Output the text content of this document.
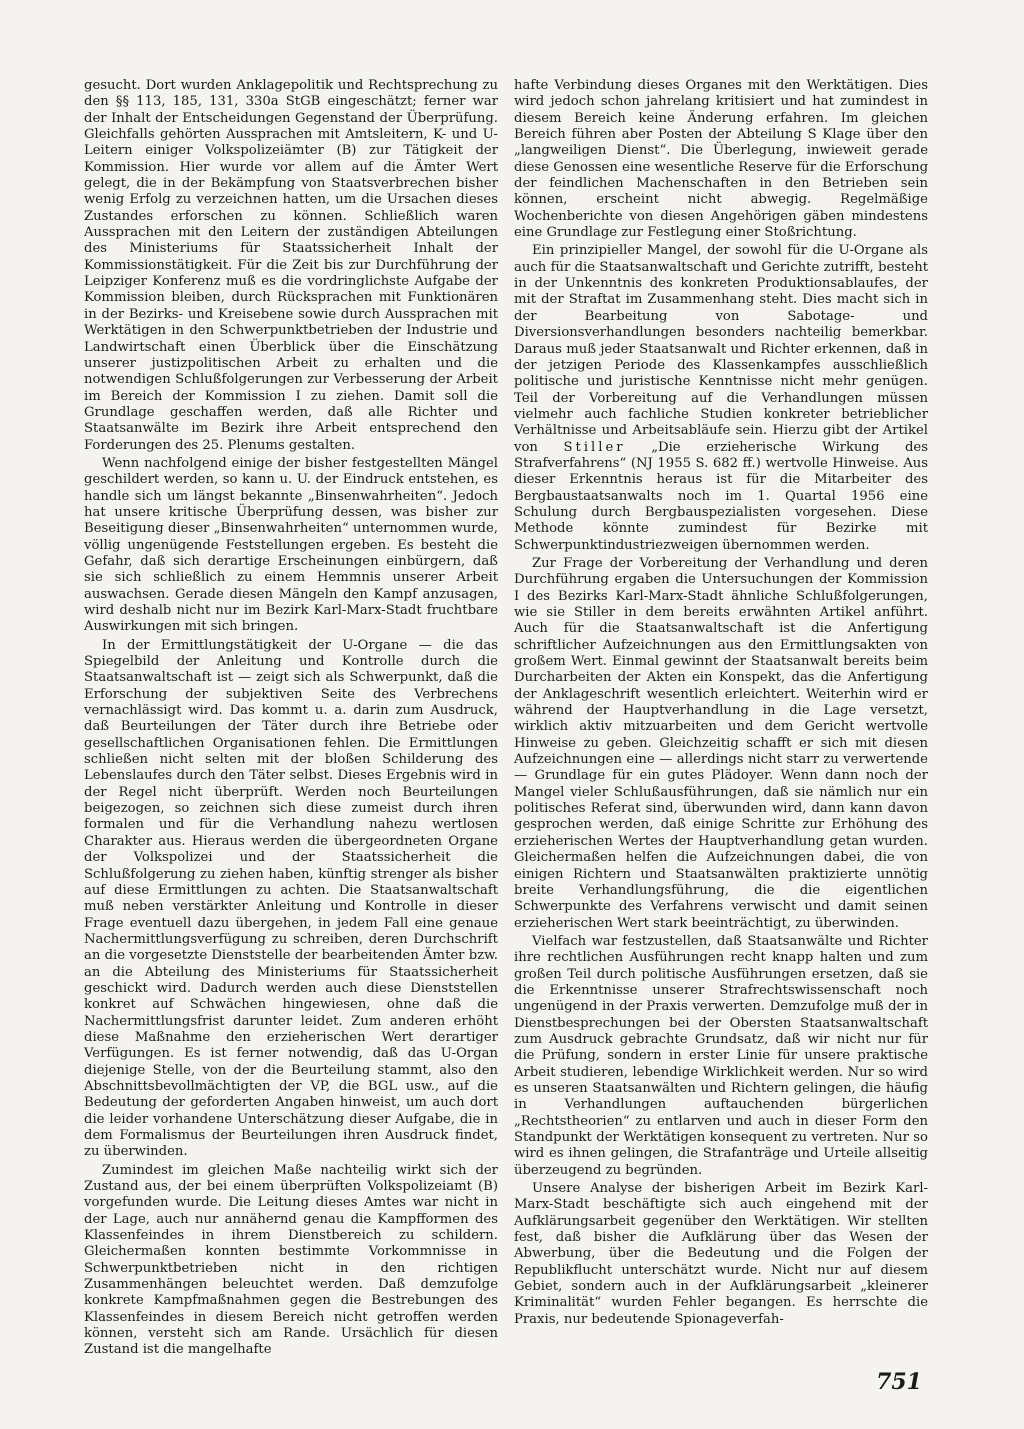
gesucht. Dort wurden Anklagepolitik und Rechtsprechung zu den §§ 113, 185, 131, 330a StGB eingeschätzt; ferner war der Inhalt der Entscheidungen Gegenstand der Überprüfung. Gleichfalls gehörten Aussprachen mit Amtsleitern, K- und U-Leitern einiger Volkspolizeiämter (B) zur Tätigkeit der Kommission. Hier wurde vor allem auf die Ämter Wert gelegt, die in der Bekämpfung von Staatsverbrechen bisher wenig Erfolg zu verzeichnen hatten, um die Ursachen dieses Zustandes erforschen zu können. Schließlich waren Aussprachen mit den Leitern der zuständigen Abteilungen des Ministeriums für Staatssicherheit Inhalt der Kommissionstätigkeit. Für die Zeit bis zur Durchführung der Leipziger Konferenz muß es die vordringlichste Aufgabe der Kommission bleiben, durch Rücksprachen mit Funktionären in der Bezirks- und Kreisebene sowie durch Aussprachen mit Werktätigen in den Schwerpunktbetrieben der Industrie und Landwirtschaft einen Überblick über die Einschätzung unserer justizpolitischen Arbeit zu erhalten und die notwendigen Schlußfolgerungen zur Verbesserung der Arbeit im Bereich der Kommission I zu ziehen. Damit soll die Grundlage geschaffen werden, daß alle Richter und Staatsanwälte im Bezirk ihre Arbeit entsprechend den Forderungen des 25. Plenums gestalten.

Wenn nachfolgend einige der bisher festgestellten Mängel geschildert werden, so kann u. U. der Eindruck entstehen, es handle sich um längst bekannte „Binsenwahrheiten“. Jedoch hat unsere kritische Überprüfung dessen, was bisher zur Beseitigung dieser „Binsenwahrheiten“ unternommen wurde, völlig ungenügende Feststellungen ergeben. Es besteht die Gefahr, daß sich derartige Erscheinungen einbürgern, daß sie sich schließlich zu einem Hemmnis unserer Arbeit auswachsen. Gerade diesen Mängeln den Kampf anzusagen, wird deshalb nicht nur im Bezirk Karl-Marx-Stadt fruchtbare Auswirkungen mit sich bringen.

In der Ermittlungstätigkeit der U-Organe — die das Spiegelbild der Anleitung und Kontrolle durch die Staatsanwaltschaft ist — zeigt sich als Schwerpunkt, daß die Erforschung der subjektiven Seite des Verbrechens vernachlässigt wird. Das kommt u. a. darin zum Ausdruck, daß Beurteilungen der Täter durch ihre Betriebe oder gesellschaftlichen Organisationen fehlen. Die Ermittlungen schließen nicht selten mit der bloßen Schilderung des Lebenslaufes durch den Täter selbst. Dieses Ergebnis wird in der Regel nicht überprüft. Werden noch Beurteilungen beigezogen, so zeichnen sich diese zumeist durch ihren formalen und für die Verhandlung nahezu wertlosen Charakter aus. Hieraus werden die übergeordneten Organe der Volkspolizei und der Staatssicherheit die Schlußfolgerung zu ziehen haben, künftig strenger als bisher auf diese Ermittlungen zu achten. Die Staatsanwaltschaft muß neben verstärkter Anleitung und Kontrolle in dieser Frage eventuell dazu übergehen, in jedem Fall eine genaue Nachermittlungsverfügung zu schreiben, deren Durchschrift an die vorgesetzte Dienststelle der bearbeitenden Ämter bzw. an die Abteilung des Ministeriums für Staatssicherheit geschickt wird. Dadurch werden auch diese Dienststellen konkret auf Schwächen hingewiesen, ohne daß die Nachermittlungsfrist darunter leidet. Zum anderen erhöht diese Maßnahme den erzieherischen Wert derartiger Verfügungen. Es ist ferner notwendig, daß das U-Organ diejenige Stelle, von der die Beurteilung stammt, also den Abschnittsbevollmächtigten der VP, die BGL usw., auf die Bedeutung der geforderten Angaben hinweist, um auch dort die leider vorhandene Unterschätzung dieser Aufgabe, die in dem Formalismus der Beurteilungen ihren Ausdruck findet, zu überwinden.

Zumindest im gleichen Maße nachteilig wirkt sich der Zustand aus, der bei einem überprüften Volkspolizeiamt (B) vorgefunden wurde. Die Leitung dieses Amtes war nicht in der Lage, auch nur annähernd genau die Kampfformen des Klassenfeindes in ihrem Dienstbereich zu schildern. Gleichermaßen konnten bestimmte Vorkommnisse in Schwerpunktbetrieben nicht in den richtigen Zusammenhängen beleuchtet werden. Daß demzufolge konkrete Kampfmaßnahmen gegen die Bestrebungen des Klassenfeindes in diesem Bereich nicht getroffen werden können, versteht sich am Rande. Ursächlich für diesen Zustand ist die mangelhafte

hafte Verbindung dieses Organes mit den Werktätigen. Dies wird jedoch schon jahrelang kritisiert und hat zumindest in diesem Bereich keine Änderung erfahren. Im gleichen Bereich führen aber Posten der Abteilung S Klage über den „langweiligen Dienst“. Die Überlegung, inwieweit gerade diese Genossen eine wesentliche Reserve für die Erforschung der feindlichen Machenschaften in den Betrieben sein können, erscheint nicht abwegig. Regelmäßige Wochenberichte von diesen Angehörigen gäben mindestens eine Grundlage zur Festlegung einer Stoßrichtung.

Ein prinzipieller Mangel, der sowohl für die U-Organe als auch für die Staatsanwaltschaft und Gerichte zutrifft, besteht in der Unkenntnis des konkreten Produktionsablaufes, der mit der Straftat im Zusammenhang steht. Dies macht sich in der Bearbeitung von Sabotage- und Diversionsverhandlungen besonders nachteilig bemerkbar. Daraus muß jeder Staatsanwalt und Richter erkennen, daß in der jetzigen Periode des Klassenkampfes ausschließlich politische und juristische Kenntnisse nicht mehr genügen. Teil der Vorbereitung auf die Verhandlungen müssen vielmehr auch fachliche Studien konkreter betrieblicher Verhältnisse und Arbeitsabläufe sein. Hierzu gibt der Artikel von Stiller „Die erzieherische Wirkung des Strafverfahrens“ (NJ 1955 S. 682 ff.) wertvolle Hinweise. Aus dieser Erkenntnis heraus ist für die Mitarbeiter des Bergbaustaatsanwalts noch im 1. Quartal 1956 eine Schulung durch Bergbauspezialisten vorgesehen. Diese Methode könnte zumindest für Bezirke mit Schwerpunktindustriezweigen übernommen werden.

Zur Frage der Vorbereitung der Verhandlung und deren Durchführung ergaben die Untersuchungen der Kommission I des Bezirks Karl-Marx-Stadt ähnliche Schlußfolgerungen, wie sie Stiller in dem bereits erwähnten Artikel anführt. Auch für die Staatsanwaltschaft ist die Anfertigung schriftlicher Aufzeichnungen aus den Ermittlungsakten von großem Wert. Einmal gewinnt der Staatsanwalt bereits beim Durcharbeiten der Akten ein Konspekt, das die Anfertigung der Anklageschrift wesentlich erleichtert. Weiterhin wird er während der Hauptverhandlung in die Lage versetzt, wirklich aktiv mitzuarbeiten und dem Gericht wertvolle Hinweise zu geben. Gleichzeitig schafft er sich mit diesen Aufzeichnungen eine — allerdings nicht starr zu verwertende — Grundlage für ein gutes Plädoyer. Wenn dann noch der Mangel vieler Schlußausführungen, daß sie nämlich nur ein politisches Referat sind, überwunden wird, dann kann davon gesprochen werden, daß einige Schritte zur Erhöhung des erzieherischen Wertes der Hauptverhandlung getan wurden. Gleichermaßen helfen die Aufzeichnungen dabei, die von einigen Richtern und Staatsanwälten praktizierte unnötig breite Verhandlungsführung, die die eigentlichen Schwerpunkte des Verfahrens verwischt und damit seinen erzieherischen Wert stark beeinträchtigt, zu überwinden.

Vielfach war festzustellen, daß Staatsanwälte und Richter ihre rechtlichen Ausführungen recht knapp halten und zum großen Teil durch politische Ausführungen ersetzen, daß sie die Erkenntnisse unserer Strafrechtswissenschaft noch ungenügend in der Praxis verwerten. Demzufolge muß der in Dienstbesprechungen bei der Obersten Staatsanwaltschaft zum Ausdruck gebrachte Grundsatz, daß wir nicht nur für die Prüfung, sondern in erster Linie für unsere praktische Arbeit studieren, lebendige Wirklichkeit werden. Nur so wird es unseren Staatsanwälten und Richtern gelingen, die häufig in Verhandlungen auftauchenden bürgerlichen „Rechtstheorien“ zu entlarven und auch in dieser Form den Standpunkt der Werktätigen konsequent zu vertreten. Nur so wird es ihnen gelingen, die Strafanträge und Urteile allseitig überzeugend zu begründen.

Unsere Analyse der bisherigen Arbeit im Bezirk Karl-Marx-Stadt beschäftigte sich auch eingehend mit der Aufklärungsarbeit gegenüber den Werktätigen. Wir stellten fest, daß bisher die Aufklärung über das Wesen der Abwerbung, über die Bedeutung und die Folgen der Republikflucht unterschätzt wurde. Nicht nur auf diesem Gebiet, sondern auch in der Aufklärungsarbeit „kleinerer Kriminalität“ wurden Fehler begangen. Es herrschte die Praxis, nur bedeutende Spionageverfah-

751
